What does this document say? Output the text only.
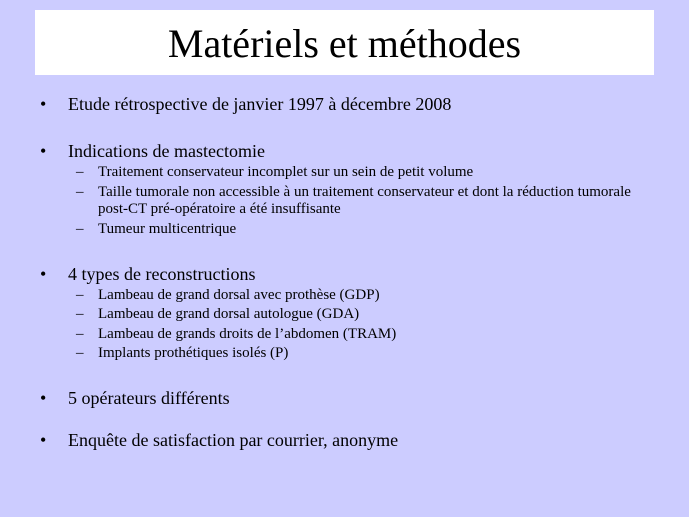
Matériels et méthodes
•	Etude rétrospective de janvier 1997 à décembre 2008
•	Indications de mastectomie
– Traitement conservateur incomplet sur un sein de petit volume
– Taille tumorale non accessible à un traitement conservateur et dont la réduction tumorale post-CT pré-opératoire a été insuffisante
– Tumeur multicentrique
•	4 types de reconstructions
– Lambeau de grand dorsal avec prothèse (GDP)
– Lambeau de grand dorsal autologue (GDA)
– Lambeau de grands droits de l’abdomen (TRAM)
– Implants prothétiques isolés (P)
•	5 opérateurs différents
•	Enquête de satisfaction par courrier, anonyme
